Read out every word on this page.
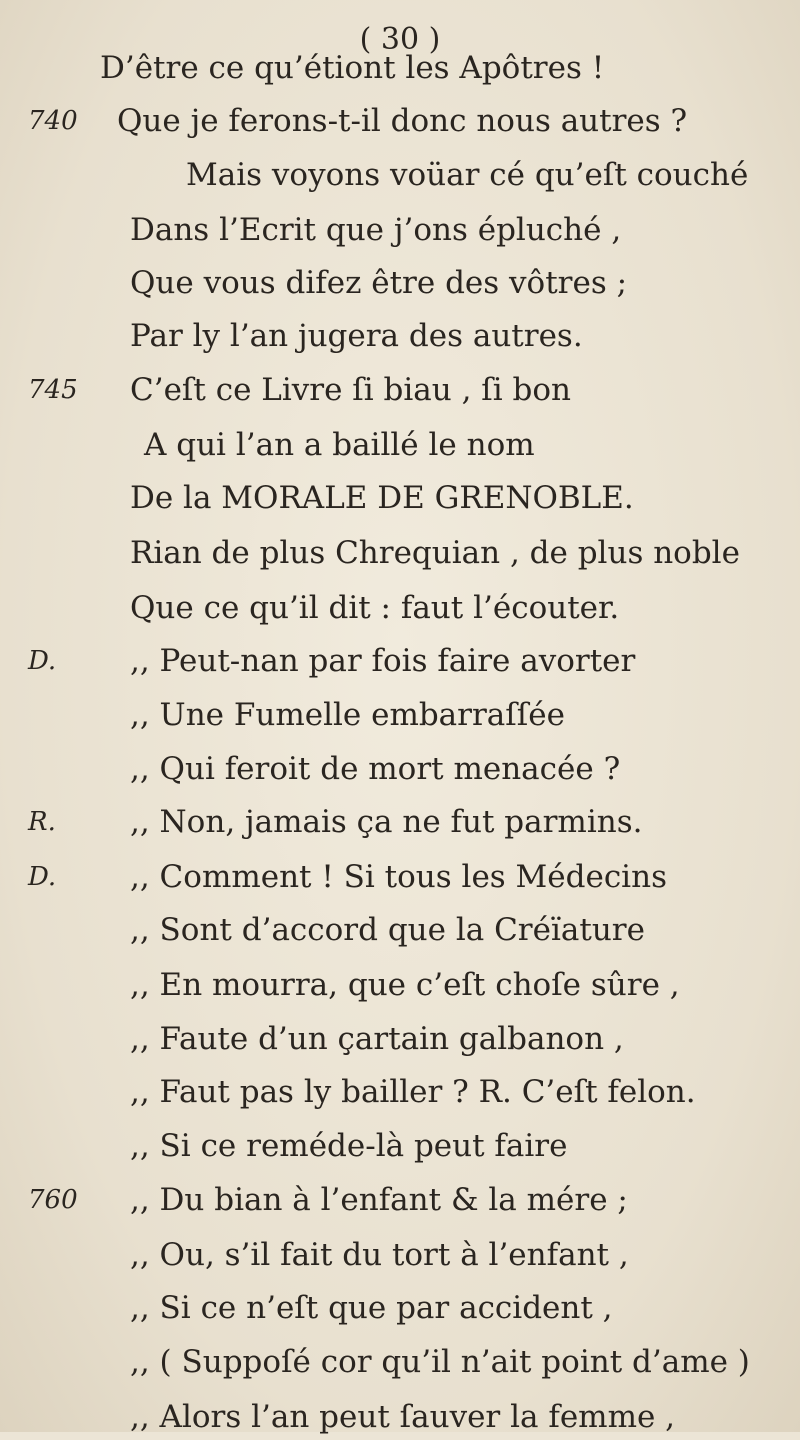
( 30 )
D’être ce qu’étiont les Apôtres !
740	Que je ferons-t-il donc nous autres ?
Mais voyons voüar cé qu’eſt couché
Dans l’Ecrit que j’ons épluché ,
Que vous difez être des vôtres ;
Par ly l’an jugera des autres.
745	C’eſt ce Livre ſi biau , ſi bon
A qui l’an a baillé le nom
De la MORALE DE GRENOBLE.
Rian de plus Chrequian , de plus noble
Que ce qu’il dit : faut l’écouter.
D.	,, Peut-nan par fois faire avorter
,, Une Fumelle embarraſſée
,, Qui feroit de mort menacée ?
R.	,, Non, jamais ça ne fut parmins.
D.	,, Comment ! Si tous les Médecins
,, Sont d’accord que la Créïature
,, En mourra, que c’eſt choſe sûre ,
,, Faute d’un çartain galbanon ,
,, Faut pas ly bailler ? R. C’eſt felon.
,, Si ce reméde-là peut faire
760	,, Du bian à l’enfant & la mére ;
,, Ou, s’il fait du tort à l’enfant ,
,, Si ce n’eſt que par accident ,
,, ( Suppoſé cor qu’il n’ait point d’ame )
,, Alors l’an peut ſauver la femme ,
